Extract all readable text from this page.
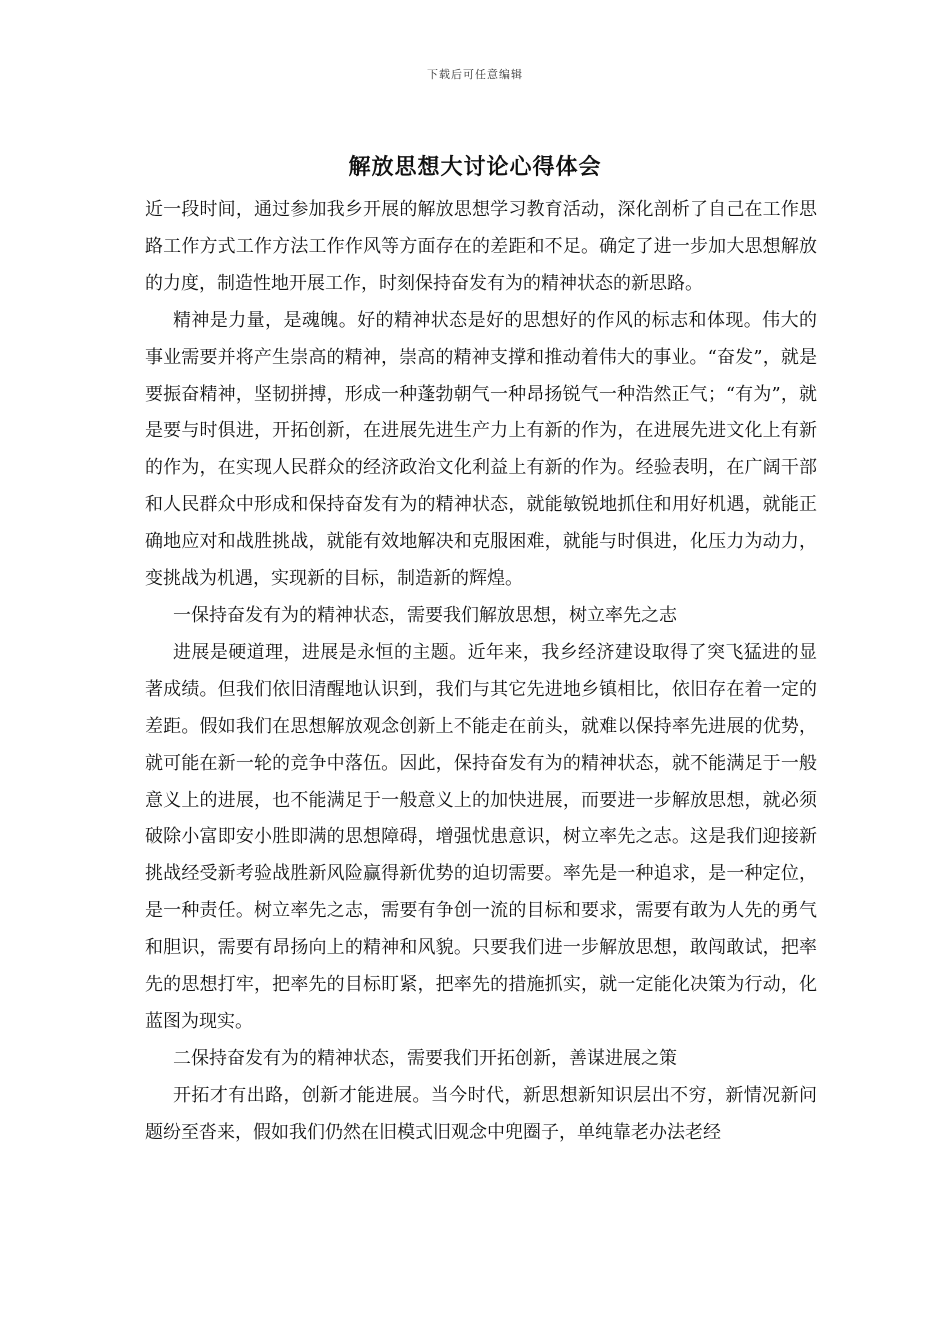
下载后可任意编辑
解放思想大讨论心得体会

近一段时间，通过参加我乡开展的解放思想学习教育活动，深化剖析了自己在工作思路工作方式工作方法工作作风等方面存在的差距和不足。确定了进一步加大思想解放的力度，制造性地开展工作，时刻保持奋发有为的精神状态的新思路。

精神是力量，是魂魄。好的精神状态是好的思想好的作风的标志和体现。伟大的事业需要并将产生崇高的精神，崇高的精神支撑和推动着伟大的事业。“奋发”，就是要振奋精神，坚韧拼搏，形成一种蓬勃朝气一种昂扬锐气一种浩然正气；“有为”，就是要与时俱进，开拓创新，在进展先进生产力上有新的作为，在进展先进文化上有新的作为，在实现人民群众的经济政治文化利益上有新的作为。经验表明，在广阔干部和人民群众中形成和保持奋发有为的精神状态，就能敏锐地抓住和用好机遇，就能正确地应对和战胜挑战，就能有效地解决和克服困难，就能与时俱进，化压力为动力，变挑战为机遇，实现新的目标，制造新的辉煌。

一保持奋发有为的精神状态，需要我们解放思想，树立率先之志

进展是硬道理，进展是永恒的主题。近年来，我乡经济建设取得了突飞猛进的显著成绩。但我们依旧清醒地认识到，我们与其它先进地乡镇相比，依旧存在着一定的差距。假如我们在思想解放观念创新上不能走在前头，就难以保持率先进展的优势，就可能在新一轮的竞争中落伍。因此，保持奋发有为的精神状态，就不能满足于一般意义上的进展，也不能满足于一般意义上的加快进展，而要进一步解放思想，就必须破除小富即安小胜即满的思想障碍，增强忧患意识，树立率先之志。这是我们迎接新挑战经受新考验战胜新风险赢得新优势的迫切需要。率先是一种追求，是一种定位，是一种责任。树立率先之志，需要有争创一流的目标和要求，需要有敢为人先的勇气和胆识，需要有昂扬向上的精神和风貌。只要我们进一步解放思想，敢闯敢试，把率先的思想打牢，把率先的目标盯紧，把率先的措施抓实，就一定能化决策为行动，化蓝图为现实。

二保持奋发有为的精神状态，需要我们开拓创新，善谋进展之策

开拓才有出路，创新才能进展。当今时代，新思想新知识层出不穷，新情况新问题纷至沓来，假如我们仍然在旧模式旧观念中兜圈子，单纯靠老办法老经
